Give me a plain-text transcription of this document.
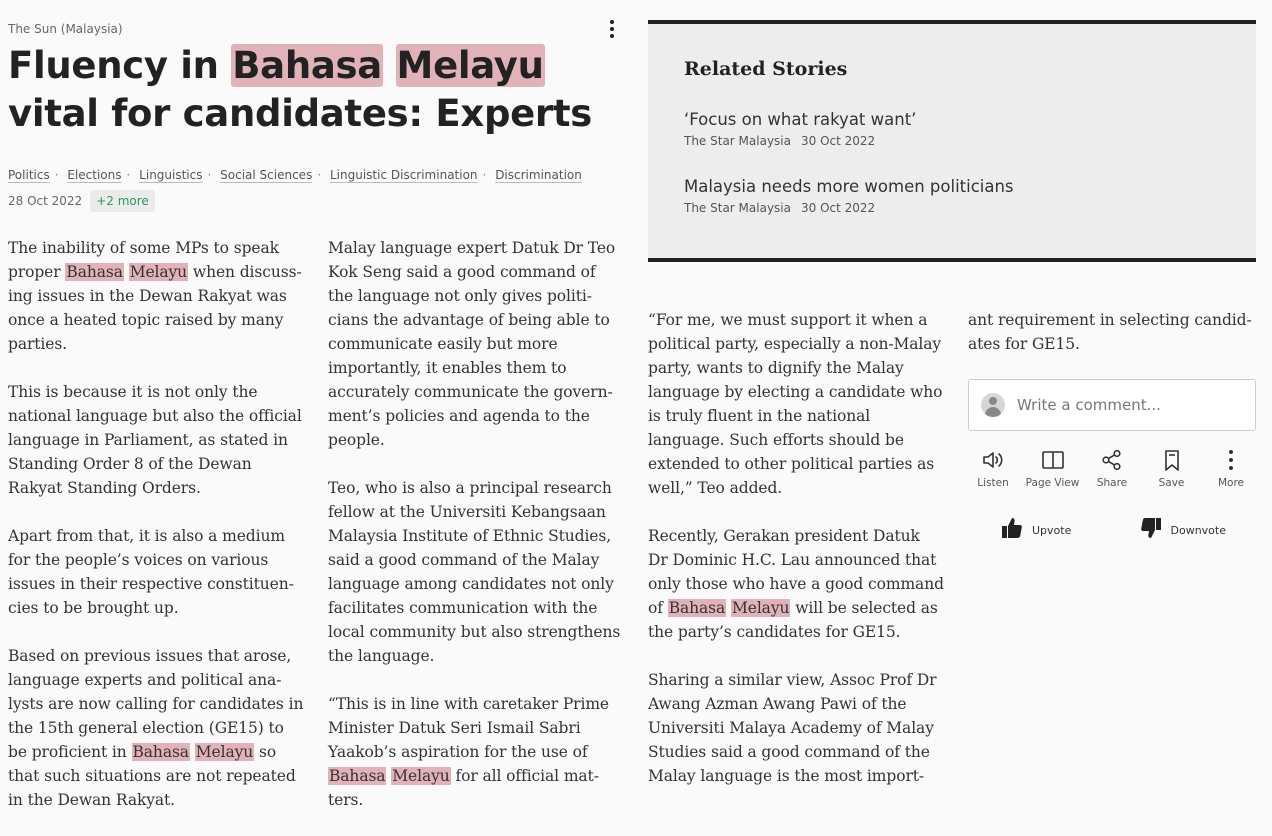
The Sun (Malaysia)
Fluency in Bahasa Melayu vital for candidates: Experts
Politics · Elections · Linguistics · Social Sciences · Linguistic Discrimination · Discrimination
28 Oct 2022	+2 more

The inability of some MPs to speak proper Bahasa Melayu when discussing issues in the Dewan Rakyat was once a heated topic raised by many parties.

This is because it is not only the national language but also the official language in Parliament, as stated in Standing Order 8 of the Dewan Rakyat Standing Orders.

Apart from that, it is also a medium for the people’s voices on various issues in their respective constituencies to be brought up.

Based on previous issues that arose, language experts and political analysts are now calling for candidates in the 15th general election (GE15) to be proficient in Bahasa Melayu so that such situations are not repeated in the Dewan Rakyat.

Malay language expert Datuk Dr Teo Kok Seng said a good command of the language not only gives politicians the advantage of being able to communicate easily but more importantly, it enables them to accurately communicate the government’s policies and agenda to the people.

Teo, who is also a principal research fellow at the Universiti Kebangsaan Malaysia Institute of Ethnic Studies, said a good command of the Malay language among candidates not only facilitates communication with the local community but also strengthens the language.

“This is in line with caretaker Prime Minister Datuk Seri Ismail Sabri Yaakob’s aspiration for the use of Bahasa Melayu for all official matters.

Related Stories
‘Focus on what rakyat want’
The Star Malaysia 30 Oct 2022
Malaysia needs more women politicians
The Star Malaysia 30 Oct 2022

“For me, we must support it when a political party, especially a non-Malay party, wants to dignify the Malay language by electing a candidate who is truly fluent in the national language. Such efforts should be extended to other political parties as well,” Teo added.

Recently, Gerakan president Datuk Dr Dominic H.C. Lau announced that only those who have a good command of Bahasa Melayu will be selected as the party’s candidates for GE15.

Sharing a similar view, Assoc Prof Dr Awang Azman Awang Pawi of the Universiti Malaya Academy of Malay Studies said a good command of the Malay language is the most import-

ant requirement in selecting candidates for GE15.

Write a comment...
Listen Page View Share	Save	More
Upvote	Downvote
